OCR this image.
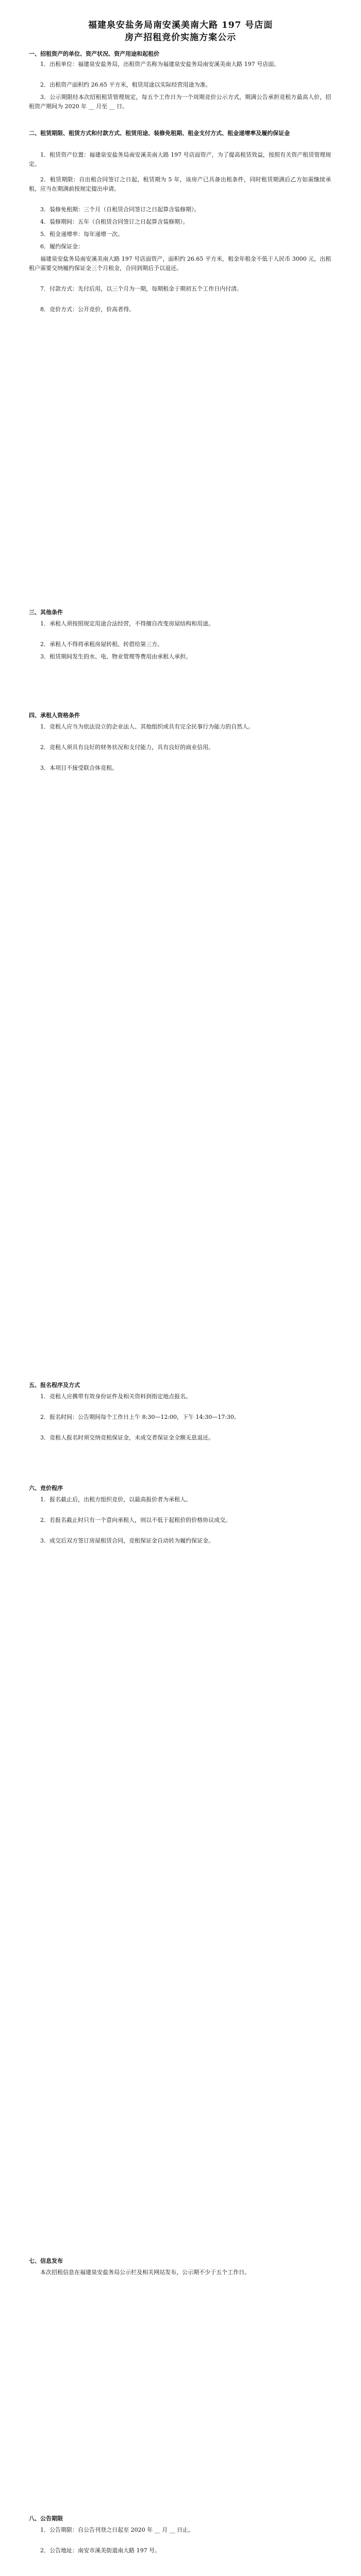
福建泉安盐务局南安溪美南大路 197 号店面
房产招租竞价实施方案公示
一、招租资产的单位、资产状况、资产用途和起租价
1．出租单位：福建泉安盐务局，出租资产名称为福建泉安盐务局南安溪美南大路 197 号店面。
2．出租资产面积约 26.65 平方米，租赁用途以实际经营用途为准。
3．公示期限经本次招租租赁管理规定，每五个工作日为一个周期竞价公示方式，期满公告承担竞租方最高人价，招租资产期间为 2020 年 __ 月至 __ 日。
二、租赁期限、租赁方式和付款方式、租赁用途、装修免租期、租金支付方式、租金递增率及履约保证金
1．租赁资产位置：福建泉安盐务局南安溪美南大路 197 号店面资产，为了提高租赁效益，按照有关资产租赁管理规定。
2．租赁期限：自出租合同签订之日起，租赁期为 5 年，该房产已具备出租条件，同时租赁期满后乙方如需继续承租，应当在期满前按规定提出申请。
3．装修免租期：三个月（自租赁合同签订之日起算含装修期）。
4．装修期间：五年（自租赁合同签订之日起算含装修期）。
5．租金递增率：每年递增一次。
6．履约保证金：
福建泉安盐务局南安溪美南大路 197 号店面资产，面积约 26.65 平方米，租金年租金不低于人民币 3000 元，出租租户需要交纳履约保证金三个月租金，合同到期后予以退还。
7．付款方式：先付后用，以三个月为一期，每期租金于期初五个工作日内付清。
8．竞价方式：公开竞价，价高者得。
三、其他条件
1．承租人须按照规定用途合法经营，不得擅自改变房屋结构和用途。
2．承租人不得将承租房屋转租、转借给第三方。
3．租赁期间发生的水、电、物业管理等费用由承租人承担。
四、承租人资格条件
1．竞租人应当为依法设立的企业法人、其他组织或具有完全民事行为能力的自然人。
2．竞租人须具有良好的财务状况和支付能力，具有良好的商业信用。
3．本项目不接受联合体竞租。
五、报名程序及方式
1．竞租人应携带有效身份证件及相关资料到指定地点报名。
2．报名时间：公告期间每个工作日上午 8:30—12:00，下午 14:30—17:30。
3．竞租人报名时须交纳竞租保证金，未成交者保证金全额无息退还。
六、竞价程序
1．报名截止后，出租方组织竞价，以最高报价者为承租人。
2．若报名截止时只有一个意向承租人，则以不低于起租价的价格协议成交。
3．成交后双方签订房屋租赁合同，竞租保证金自动转为履约保证金。
七、信息发布
本次招租信息在福建泉安盐务局公示栏及相关网站发布，公示期不少于五个工作日。
八、公告期限
1．公告期限：自公告刊登之日起至 2020 年 __ 月 __ 日止。
2．公告地址：南安市溪美街道南大路 197 号。
